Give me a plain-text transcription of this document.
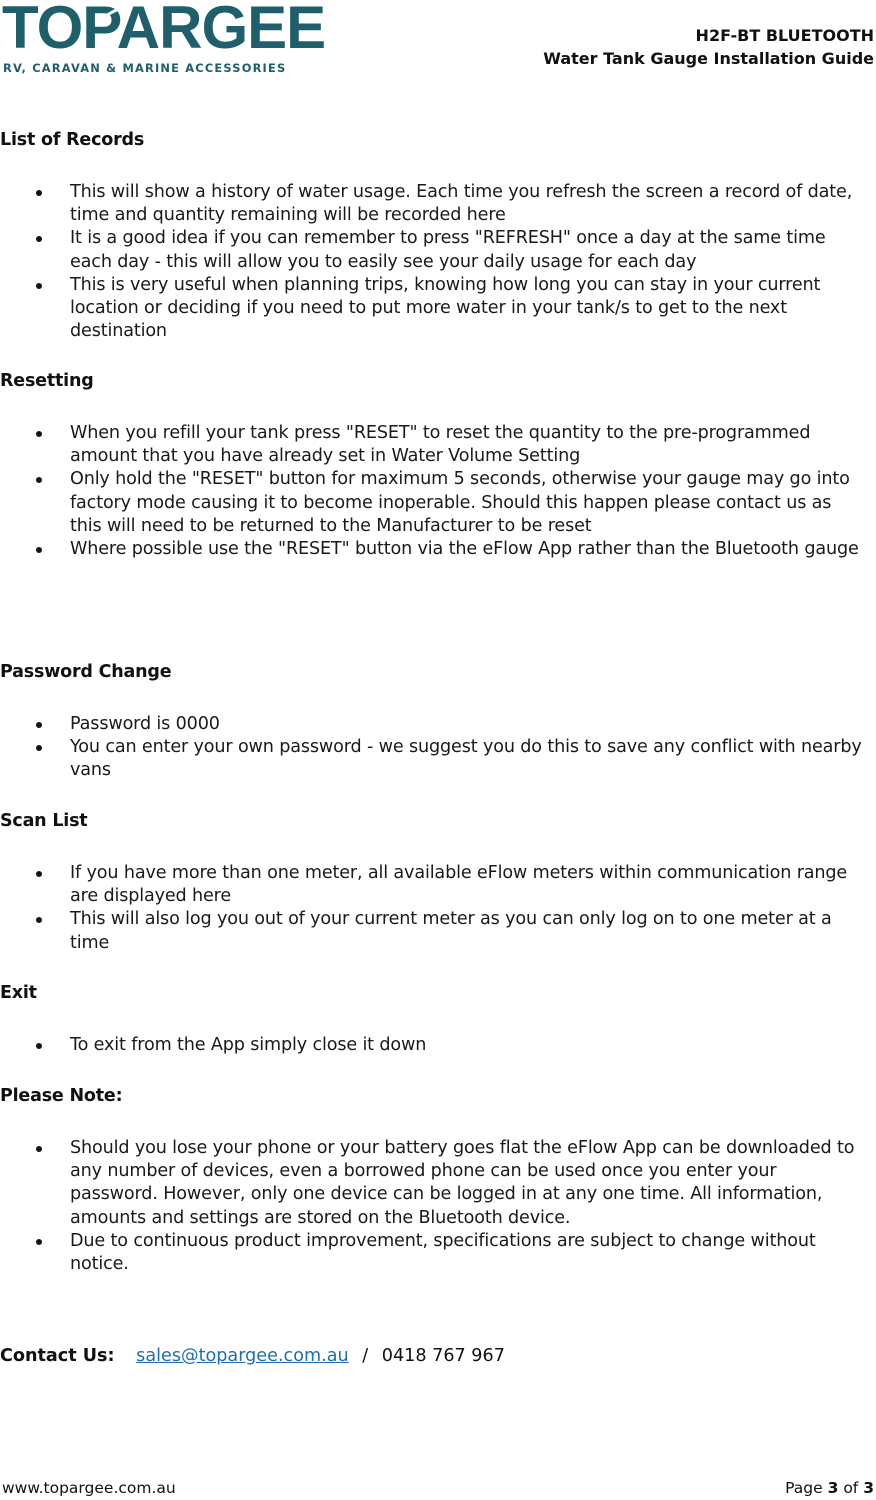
TOPARGEE
RV, CARAVAN & MARINE ACCESSORIES
H2F-BT BLUETOOTH
Water Tank Gauge Installation Guide
List of Records
This will show a history of water usage. Each time you refresh the screen a record of date, time and quantity remaining will be recorded here
It is a good idea if you can remember to press "REFRESH" once a day at the same time each day - this will allow you to easily see your daily usage for each day
This is very useful when planning trips, knowing how long you can stay in your current location or deciding if you need to put more water in your tank/s to get to the next destination
Resetting
When you refill your tank press "RESET" to reset the quantity to the pre-programmed amount that you have already set in Water Volume Setting
Only hold the "RESET" button for maximum 5 seconds, otherwise your gauge may go into factory mode causing it to become inoperable. Should this happen please contact us as this will need to be returned to the Manufacturer to be reset
Where possible use the "RESET" button via the eFlow App rather than the Bluetooth gauge
Password Change
Password is 0000
You can enter your own password - we suggest you do this to save any conflict with nearby vans
Scan List
If you have more than one meter, all available eFlow meters within communication range are displayed here
This will also log you out of your current meter as you can only log on to one meter at a time
Exit
To exit from the App simply close it down
Please Note:
Should you lose your phone or your battery goes flat the eFlow App can be downloaded to any number of devices, even a borrowed phone can be used once you enter your password. However, only one device can be logged in at any one time. All information, amounts and settings are stored on the Bluetooth device.
Due to continuous product improvement, specifications are subject to change without notice.
Contact Us: sales@topargee.com.au / 0418 767 967
www.topargee.com.au	Page 3 of 3
